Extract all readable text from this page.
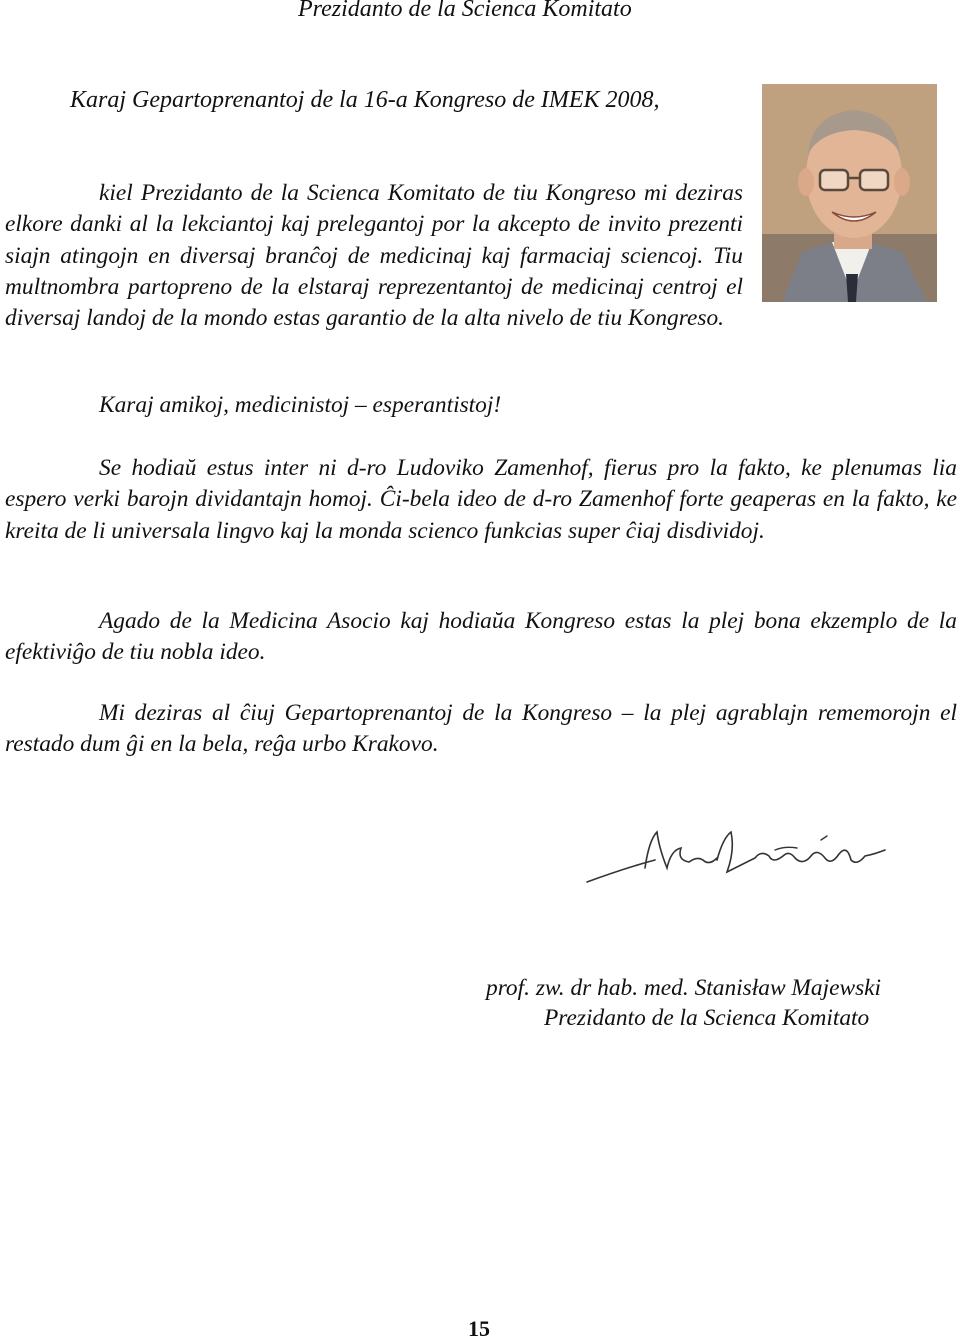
Prezidanto de la Scienca Komitato
Karaj Gepartoprenantoj de la 16-a Kongreso de IMEK 2008,
kiel Prezidanto de la Scienca Komitato de tiu Kongreso mi deziras elkore danki al la lekciantoj kaj prelegantoj por la akcepto de invito prezenti siajn atingojn en diversaj branĉoj de medicinaj kaj farmaciaj sciencoj. Tiu multnombra partopreno de la elstaraj reprezentantoj de medicinaj centroj el diversaj landoj de la mondo estas garantio de la alta nivelo de tiu Kongreso.
Karaj amikoj, medicinistoj – esperantistoj!
Se hodiaŭ estus inter ni d-ro Ludoviko Zamenhof, fierus pro la fakto, ke plenumas lia espero verki barojn dividantajn homoj. Ĉi-bela ideo de d-ro Zamenhof forte geaperas en la fakto, ke kreita de li universala lingvo kaj la monda scienco funkcias super ĉiaj disdividoj.
Agado de la Medicina Asocio kaj hodiaŭa Kongreso estas la plej bona ekzemplo de la efektiviĝo de tiu nobla ideo.
Mi deziras al ĉiuj Gepartoprenantoj de la Kongreso – la plej agrablajn rememorojn el restado dum ĝi en la bela, reĝa urbo Krakovo.
prof. zw. dr hab. med. Stanisław Majewski
Prezidanto de la Scienca Komitato
15
